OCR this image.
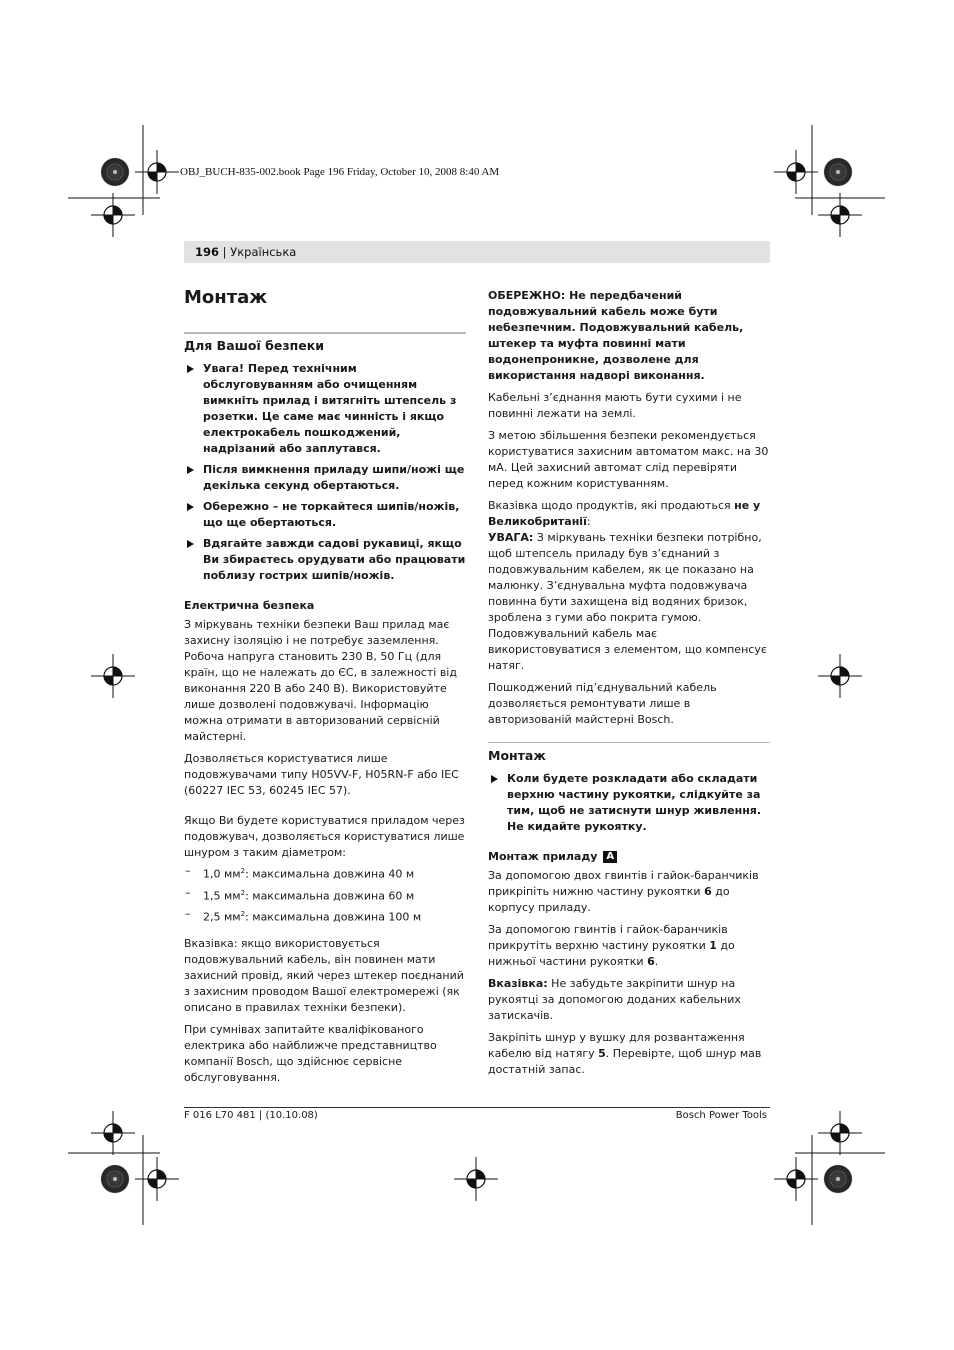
OBJ_BUCH-835-002.book Page 196 Friday, October 10, 2008 8:40 AM
196 | Українська
Монтаж
Для Вашої безпеки
Увага! Перед технічним обслуговуванням або очищенням вимкніть прилад і витягніть штепсель з розетки. Це саме має чинність і якщо електрокабель пошкоджений, надрізаний або заплутався.
Після вимкнення приладу шипи/ножі ще декілька секунд обертаються.
Обережно – не торкайтеся шипів/ножів, що ще обертаються.
Вдягайте завжди садові рукавиці, якщо Ви збираєтесь орудувати або працювати поблизу гострих шипів/ножів.
Електрична безпека

З міркувань техніки безпеки Ваш прилад має захисну ізоляцію і не потребує заземлення. Робоча напруга становить 230 В, 50 Гц (для країн, що не належать до ЄС, в залежності від виконання 220 В або 240 В). Використовуйте лише дозволені подовжувачі. Інформацію можна отримати в авторизований сервісній майстерні.

Дозволяється користуватися лише подовжувачами типу H05VV-F, H05RN-F або IEC (60227 IEC 53, 60245 IEC 57).

Якщо Ви будете користуватися приладом через подовжувач, дозволяється користуватися лише шнуром з таким діаметром:

– 1,0 $мм^2$: максимальна довжина 40 м
– 1,5 $мм^2$: максимальна довжина 60 м
– 2,5 $мм^2$: максимальна довжина 100 м

Вказівка: якщо використовується подовжувальний кабель, він повинен мати захисний провід, який через штекер поєднаний з захисним проводом Вашої електромережі (як описано в правилах техніки безпеки).

При сумнівах запитайте кваліфікованого електрика або найближче представництво компанії Bosch, що здійснює сервісне обслуговування.

ОБЕРЕЖНО: Не передбачений подовжувальний кабель може бути небезпечним. Подовжувальний кабель, штекер та муфта повинні мати водонепроникне, дозволене для використання надворі виконання.

Кабельні з’єднання мають бути сухими і не повинні лежати на землі.

З метою збільшення безпеки рекомендується користуватися захисним автоматом макс. на 30 мА. Цей захисний автомат слід перевіряти перед кожним користуванням.

Вказівка щодо продуктів, які продаються не у Великобританії:

УВАГА: З міркувань техніки безпеки потрібно, щоб штепсель приладу був з’єднаний з подовжувальним кабелем, як це показано на малюнку. З’єднувальна муфта подовжувача повинна бути захищена від водяних бризок, зроблена з гуми або покрита гумою. Подовжувальний кабель має використовуватися з елементом, що компенсує натяг.

Пошкоджений під’єднувальний кабель дозволяється ремонтувати лише в авторизованій майстерні Bosch.

Монтаж
Коли будете розкладати або складати верхню частину рукоятки, слідкуйте за тим, щоб не затиснути шнур живлення. Не кидайте рукоятку.
Монтаж приладу A

За допомогою двох гвинтів і гайок-баранчиків прикріпіть нижню частину рукоятки 6 до корпусу приладу.

За допомогою гвинтів і гайок-баранчиків прикрутіть верхню частину рукоятки 1 до нижньої частини рукоятки 6.

Вказівка: Не забудьте закріпити шнур на рукоятці за допомогою доданих кабельних затискачів.

Закріпіть шнур у вушку для розвантаження кабелю від натягу 5. Перевірте, щоб шнур мав достатній запас.

F 016 L70 481 | (10.10.08)	Bosch Power Tools
